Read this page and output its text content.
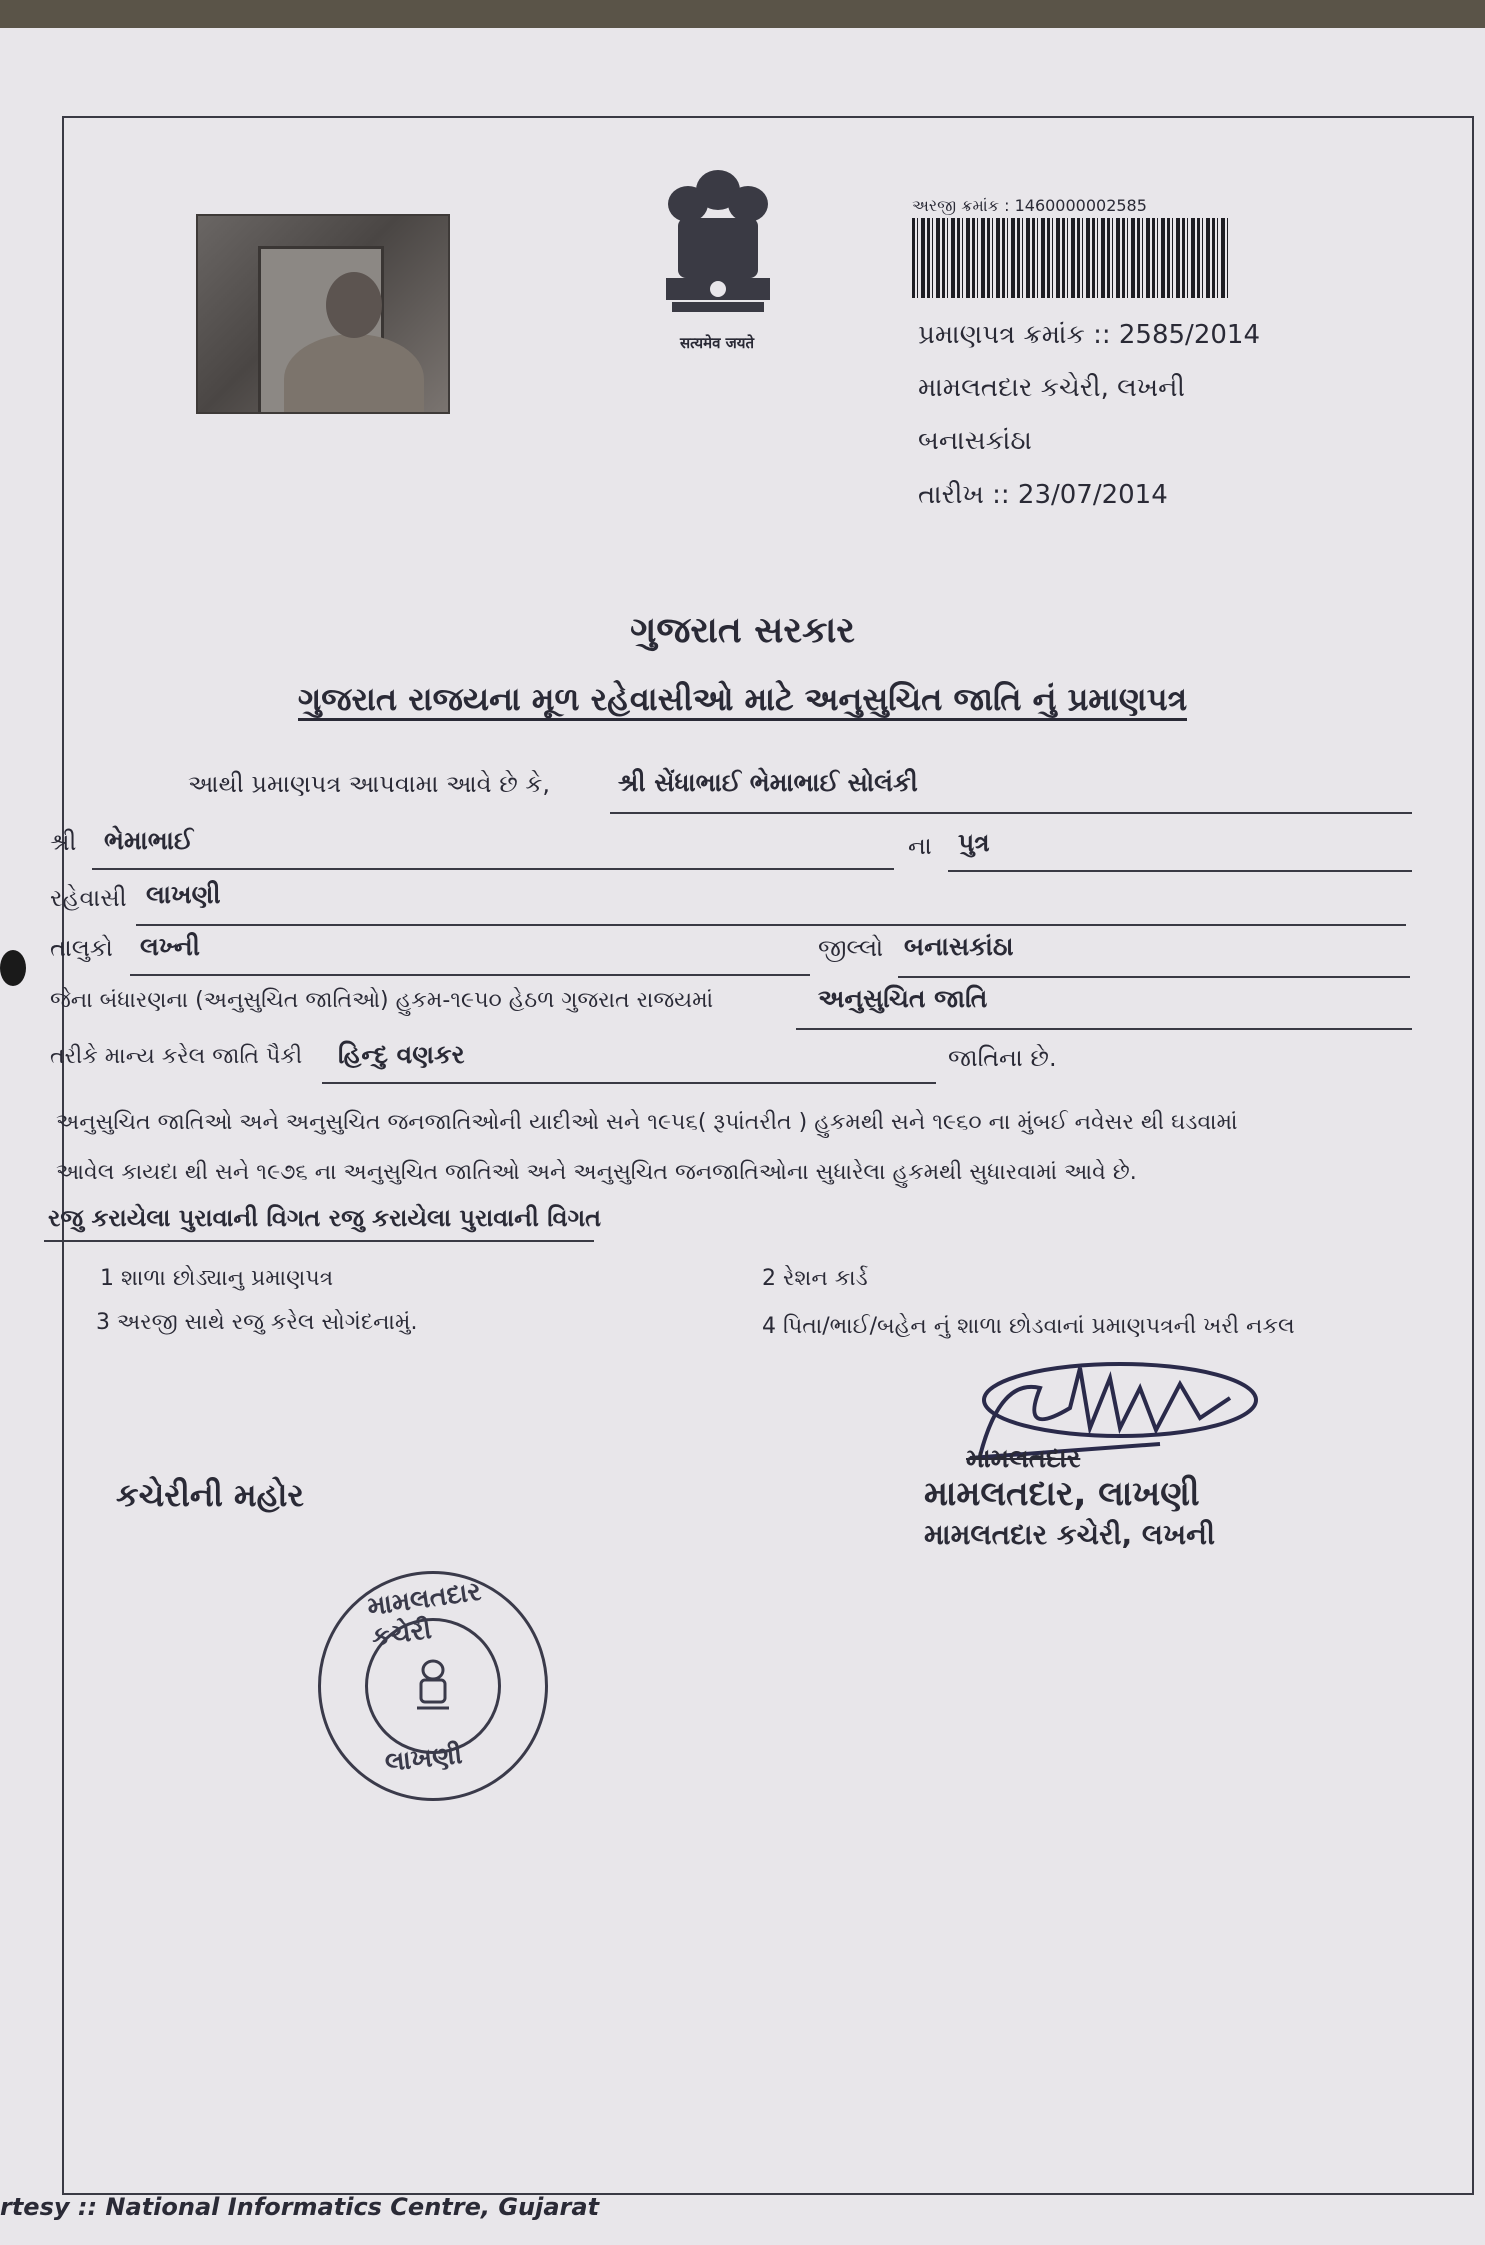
सत्यमेव जयते
અરજી ક્રમાંક : 1460000002585
પ્રમાણપત્ર ક્રમાંક :: 2585/2014
મામલતદાર કચેરી, લખની
બનાસકાંઠા
તારીખ :: 23/07/2014
ગુજરાત સરકાર
ગુજરાત રાજયના મૂળ રહેવાસીઓ માટે અનુસુચિત જાતિ નું પ્રમાણપત્ર
આથી પ્રમાણપત્ર આપવામા આવે છે કે,	શ્રી સેંધાભાઈ ભેમાભાઈ સોલંકી
શ્રી ભેમાભાઈ	ના પુત્ર
રહેવાસી લાખણી
તાલુકો લખ્ની	જીલ્લો બનાસકાંઠા
જેના બંધારણના (અનુસુચિત જાતિઓ) હુકમ-૧૯૫૦ હેઠળ ગુજરાત રાજયમાં	અનુસુચિત જાતિ
તરીકે માન્ય કરેલ જાતિ પૈકી હિન્દુ વણકર	જાતિના છે.
અનુસુચિત જાતિઓ અને અનુસુચિત જનજાતિઓની યાદીઓ સને ૧૯૫૬( રૂપાંતરીત ) હુકમથી સને ૧૯૬૦ ના મુંબઈ નવેસર થી ઘડવામાં
આવેલ કાયદા થી સને ૧૯૭૬ ના અનુસુચિત જાતિઓ અને અનુસુચિત જનજાતિઓના સુધારેલા હુકમથી સુધારવામાં આવે છે.
રજુ કરાયેલા પુરાવાની વિગત રજુ કરાયેલા પુરાવાની વિગત
1 શાળા છોડ્યાનુ પ્રમાણપત્ર	2 રેશન કાર્ડ
3 અરજી સાથે રજુ કરેલ સોગંદનામું.	4 પિતા/ભાઈ/બહેન નું શાળા છોડવાનાં પ્રમાણપત્રની ખરી નકલ
કચેરીની મહોર
મામલતદાર
મામલતદાર, લાખણી
મામલતદાર કચેરી, લખની
મામલતદાર કચેરી
લાખણી
rtesy :: National Informatics Centre, Gujarat
